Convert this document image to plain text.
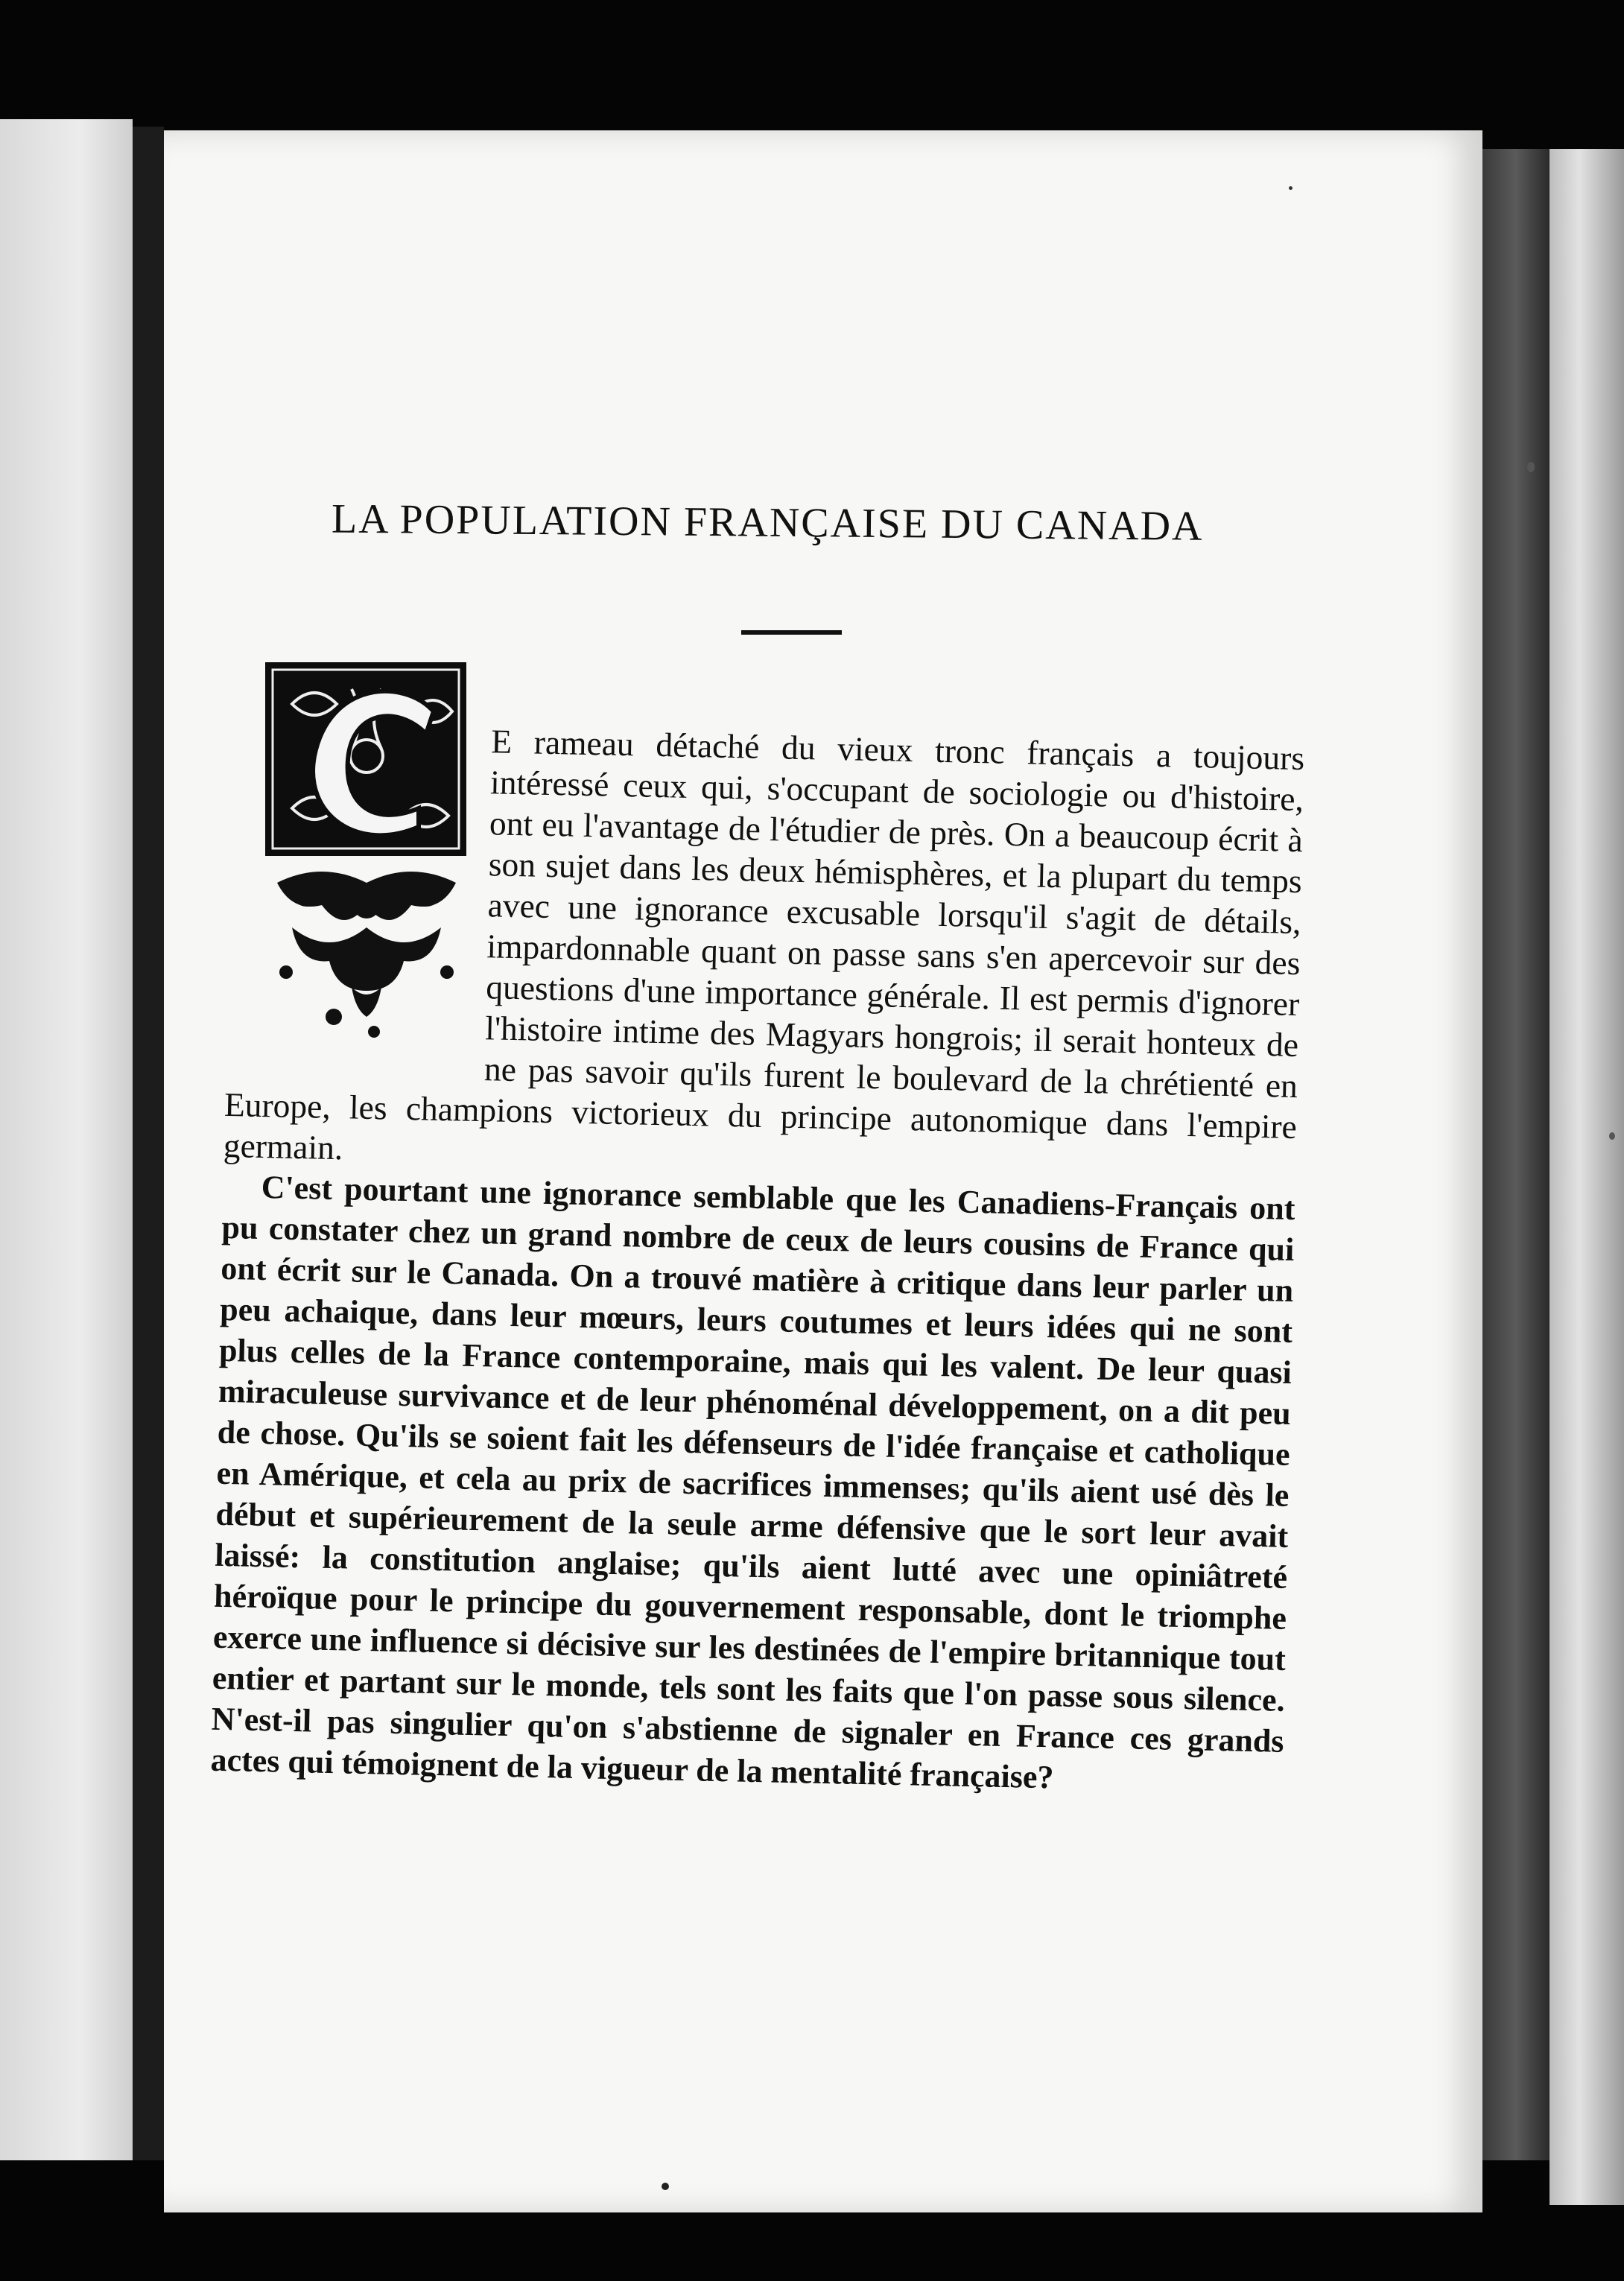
LA POPULATION FRANÇAISE DU CANADA

E rameau détaché du vieux tronc français a toujours intéressé ceux qui, s'occupant de sociologie ou d'histoire, ont eu l'avantage de l'étudier de près. On a beaucoup écrit à son sujet dans les deux hémisphères, et la plupart du temps avec une ignorance excusable lorsqu'il s'agit de détails, impardonnable quant on passe sans s'en apercevoir sur des questions d'une importance générale. Il est permis d'ignorer l'histoire intime des Magyars hongrois; il serait honteux de ne pas savoir qu'ils furent le boulevard de la chrétienté en Europe, les champions victorieux du principe autonomique dans l'empire germain.

C'est pourtant une ignorance semblable que les Canadiens-Français ont pu constater chez un grand nombre de ceux de leurs cousins de France qui ont écrit sur le Canada. On a trouvé matière à critique dans leur parler un peu achaique, dans leur mœurs, leurs coutumes et leurs idées qui ne sont plus celles de la France contemporaine, mais qui les valent. De leur quasi miraculeuse survivance et de leur phénoménal développement, on a dit peu de chose. Qu'ils se soient fait les défenseurs de l'idée française et catholique en Amérique, et cela au prix de sacrifices immenses; qu'ils aient usé dès le début et supérieurement de la seule arme défensive que le sort leur avait laissé: la constitution anglaise; qu'ils aient lutté avec une opiniâtreté héroïque pour le principe du gouvernement responsable, dont le triomphe exerce une influence si décisive sur les destinées de l'empire britannique tout entier et partant sur le monde, tels sont les faits que l'on passe sous silence. N'est-il pas singulier qu'on s'abstienne de signaler en France ces grands actes qui témoignent de la vigueur de la mentalité française?
